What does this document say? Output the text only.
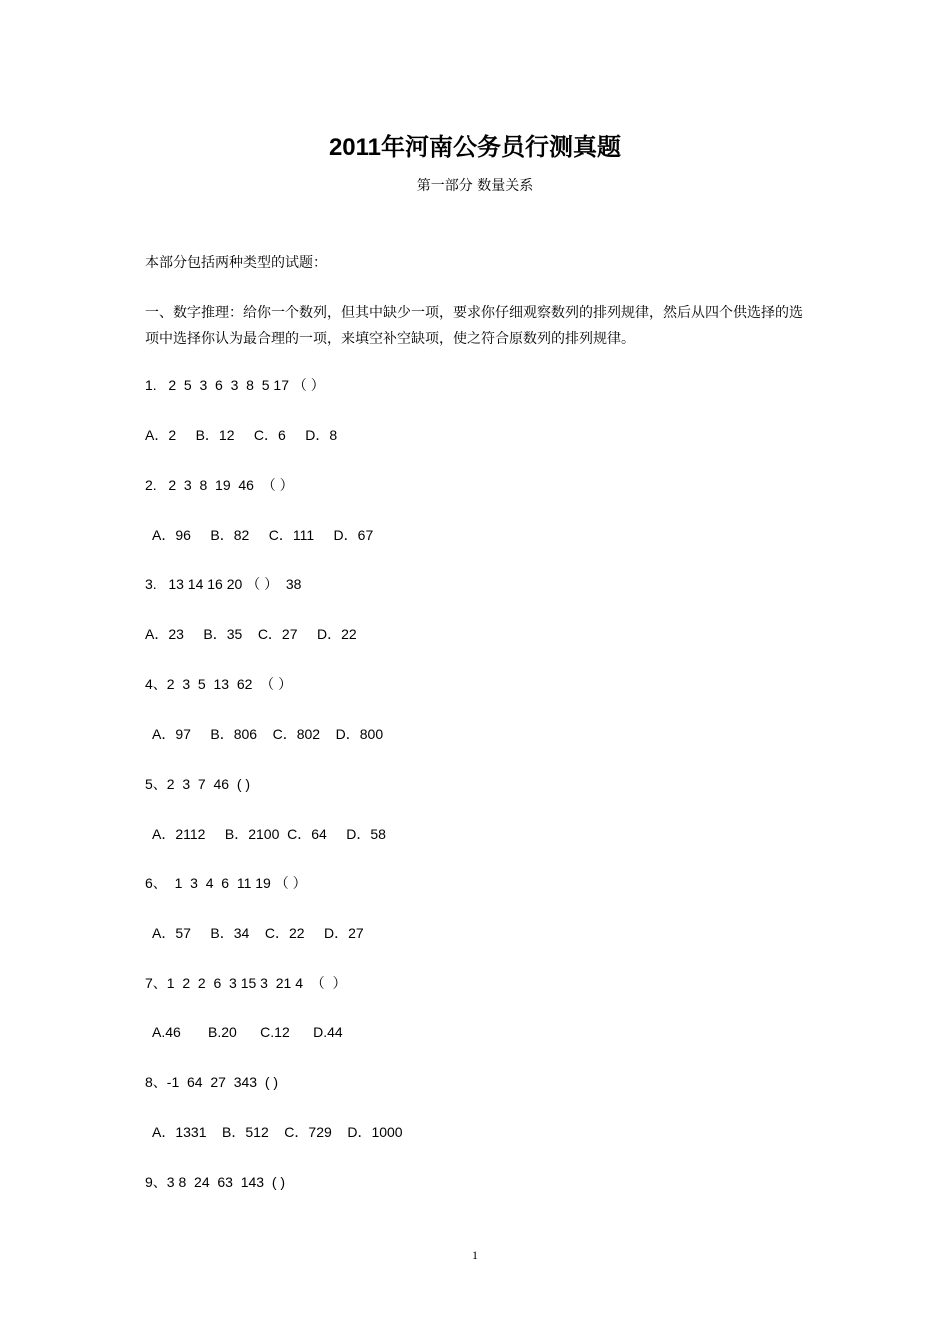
2011年河南公务员行测真题
第一部分 数量关系
本部分包括两种类型的试题：
一、数字推理：给你一个数列，但其中缺少一项，要求你仔细观察数列的排列规律，然后从四个供选择的选项中选择你认为最合理的一项，来填空补空缺项，使之符合原数列的排列规律。
1.   2  5  3  6  3  8  5 17 （ ）
A．2     B．12     C．6     D．8
2.   2  3  8  19  46  （ ）
A．96     B．82     C．111     D．67
3.   13 14 16 20 （ ）  38
A．23     B．35    C．27     D．22
4、2  3  5  13  62  （ ）
A．97     B．806    C．802    D．800
5、2  3  7  46  ( )
A．2112     B．2100  C．64     D．58
6、  1  3  4  6  11 19 （ ）
A．57     B．34    C．22     D．27
7、1  2  2  6  3 15 3  21 4  （  ）
A.46       B.20      C.12      D.44
8、-1  64  27  343  ( )
A．1331    B．512    C．729    D．1000
9、3 8  24  63  143  ( )
1
